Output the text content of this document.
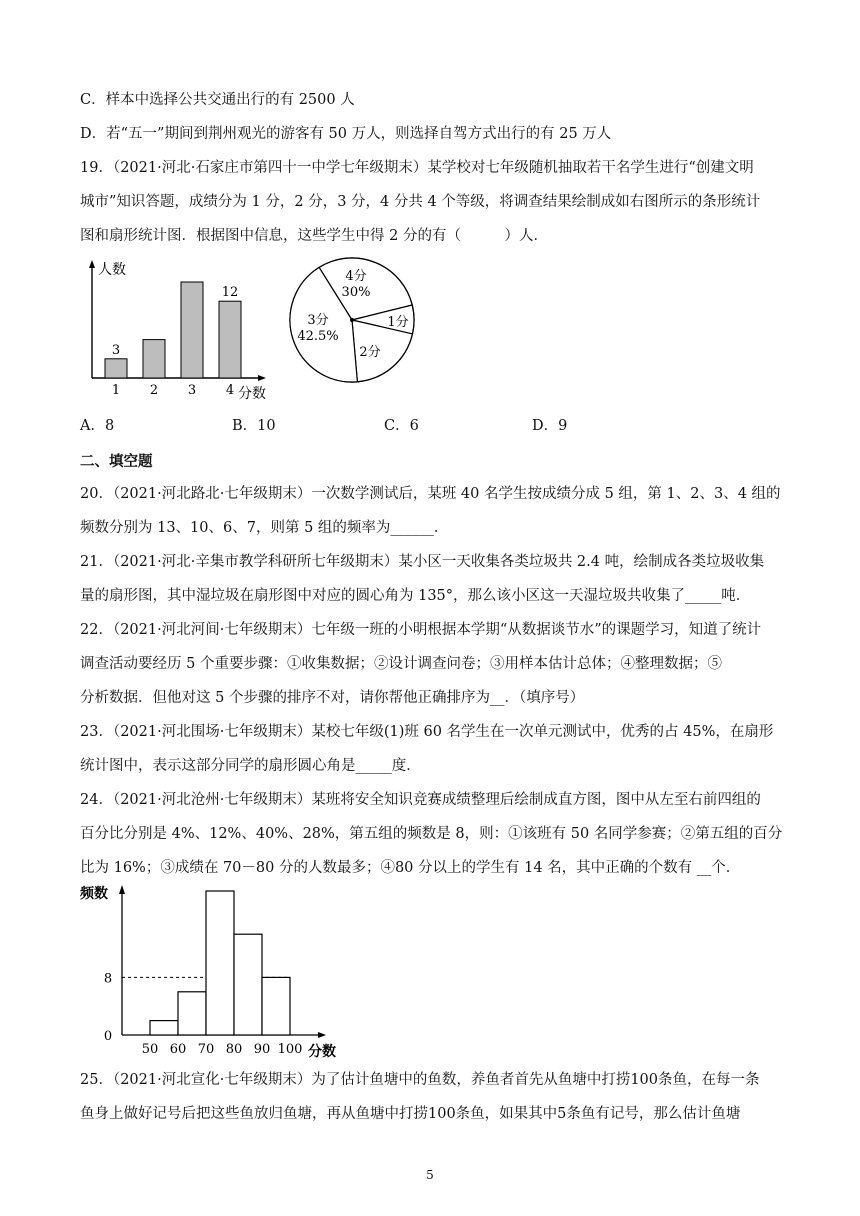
C．样本中选择公共交通出行的有 2500 人
D．若“五一”期间到荆州观光的游客有 50 万人，则选择自驾方式出行的有 25 万人
19．（2021·河北·石家庄市第四十一中学七年级期末）某学校对七年级随机抽取若干名学生进行“创建文明
城市”知识答题，成绩分为 1 分，2 分，3 分，4 分共 4 个等级，将调查结果绘制成如右图所示的条形统计
图和扇形统计图．根据图中信息，这些学生中得 2 分的有（　　　）人．
人数
分数
1
3
2 3 4
12
4分
30%
1分
2分
3分
42.5%
A．8	B．10	C．6	D．9
二、填空题
20．（2021·河北路北·七年级期末）一次数学测试后，某班 40 名学生按成绩分成 5 组，第 1、2、3、4 组的
频数分别为 13、10、6、7，则第 5 组的频率为______．
21．（2021·河北·辛集市教学科研所七年级期末）某小区一天收集各类垃圾共 2.4 吨，绘制成各类垃圾收集
量的扇形图，其中湿垃圾在扇形图中对应的圆心角为 135°，那么该小区这一天湿垃圾共收集了_____吨．
22．（2021·河北河间·七年级期末）七年级一班的小明根据本学期“从数据谈节水”的课题学习，知道了统计
调查活动要经历 5 个重要步骤：①收集数据；②设计调查问卷；③用样本估计总体；④整理数据；⑤
分析数据．但他对这 5 个步骤的排序不对，请你帮他正确排序为__．（填序号）
23．（2021·河北围场·七年级期末）某校七年级(1)班 60 名学生在一次单元测试中，优秀的占 45%，在扇形
统计图中，表示这部分同学的扇形圆心角是_____度．
24．（2021·河北沧州·七年级期末）某班将安全知识竞赛成绩整理后绘制成直方图，图中从左至右前四组的
百分比分别是 4%、12%、40%、28%，第五组的频数是 8，则：①该班有 50 名同学参赛；②第五组的百分
比为 16%；③成绩在 70－80 分的人数最多；④80 分以上的学生有 14 名，其中正确的个数有 __个．
频数
分数
8
0
50 60 70 80 90 100
25．（2021·河北宣化·七年级期末）为了估计鱼塘中的鱼数，养鱼者首先从鱼塘中打捞100条鱼，在每一条
鱼身上做好记号后把这些鱼放归鱼塘，再从鱼塘中打捞100条鱼，如果其中5条鱼有记号，那么估计鱼塘
5
